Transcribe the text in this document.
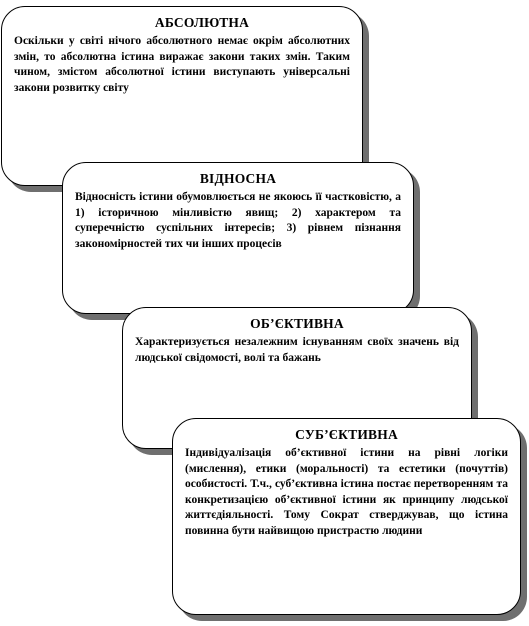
АБСОЛЮТНА

Оскільки у світі нічого абсолютного немає окрім абсолютних змін, то абсолютна істина виражає закони таких змін. Таким чином, змістом абсолютної істини виступають універсальні закони розвитку світу

ВІДНОСНА

Відносність істини обумовлюється не якоюсь її частковістю, а 1) історичною мінливістю явищ; 2) характером та суперечністю суспільних інтересів; 3) рівнем пізнання закономірностей тих чи інших процесів

ОБ’ЄКТИВНА

Характеризується незалежним існуванням своїх значень від людської свідомості, волі та бажань

СУБ’ЄКТИВНА

Індивідуалізація об’єктивної істини на рівні логіки (мислення), етики (моральності) та естетики (почуттів) особистості. Т.ч., суб’єктивна істина постає перетворенням та конкретизацією об’єктивної істини як принципу людської життєдіяльності. Тому Сократ стверджував, що істина повинна бути найвищою пристрастю людини
